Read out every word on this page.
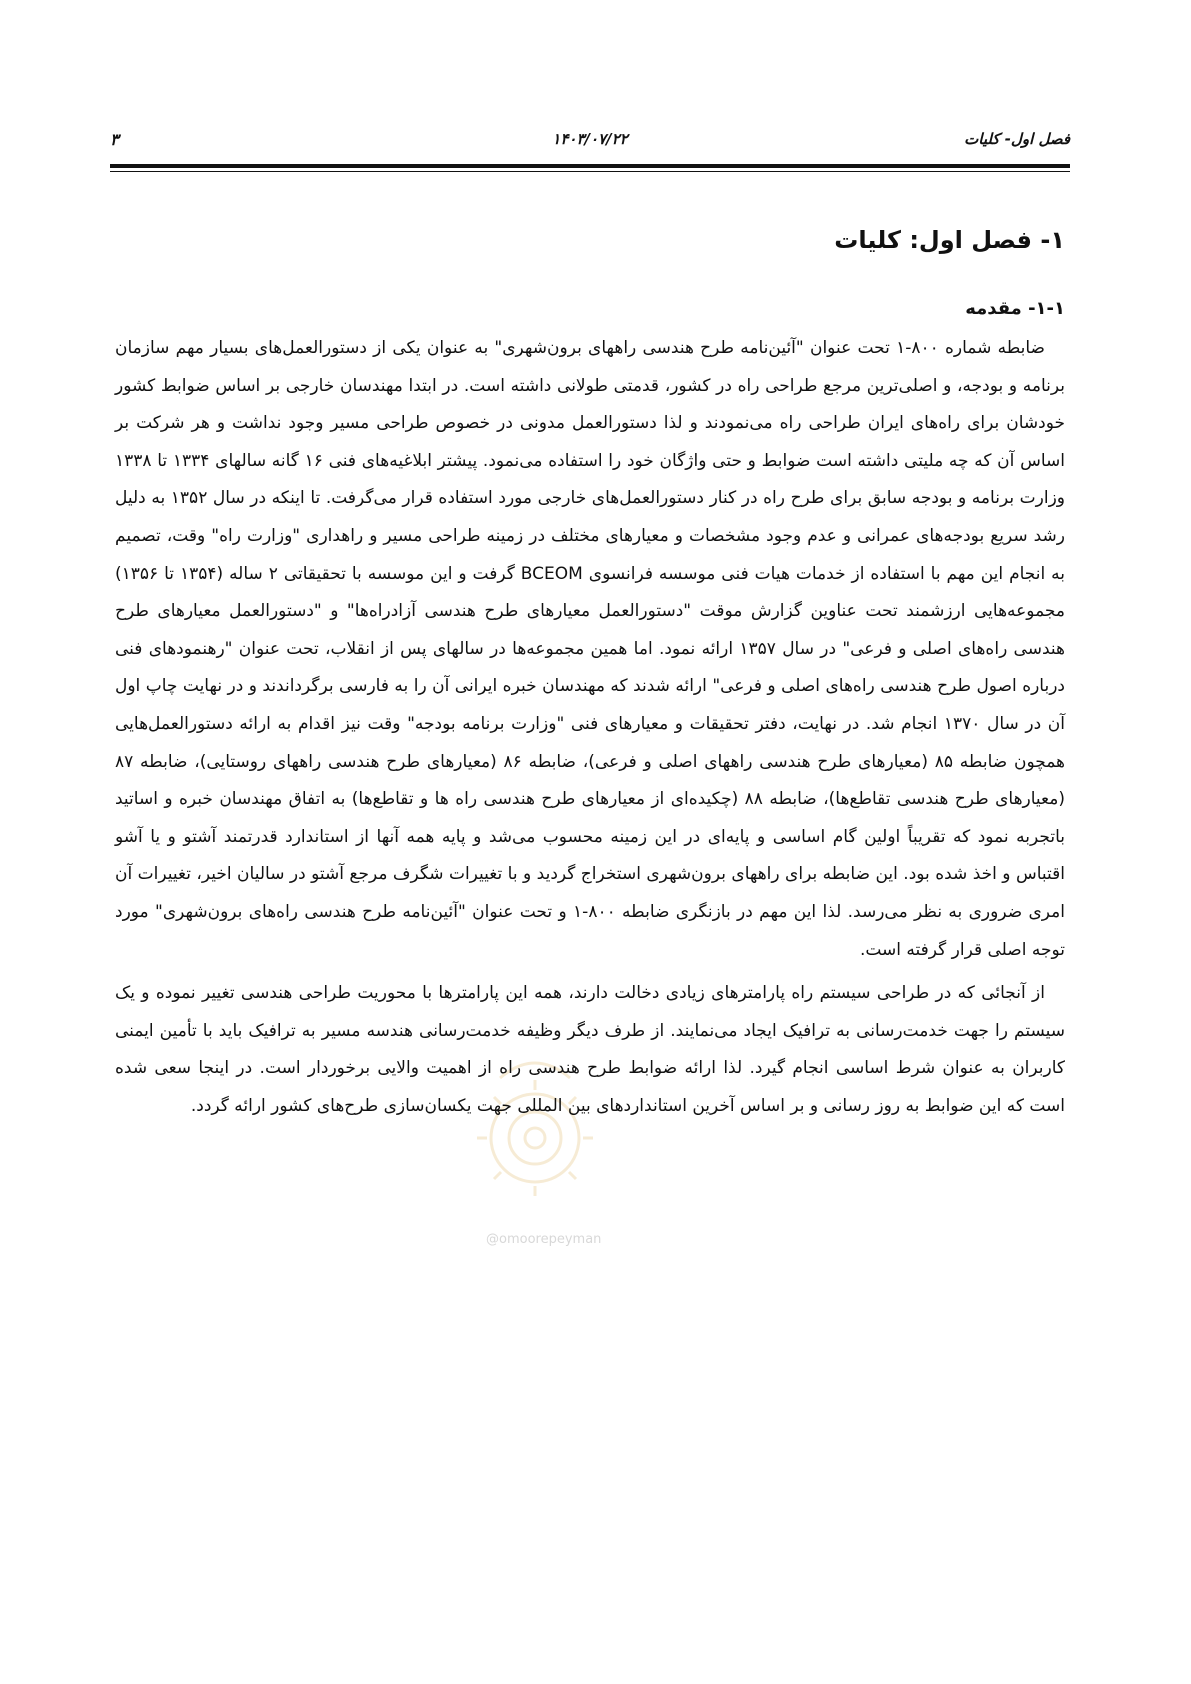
فصل اول- کلیات
۱۴۰۳/۰۷/۲۲
۳
@omoorepeyman
۱- فصل اول: کلیات
۱-۱- مقدمه

ضابطه شماره ۸۰۰-۱ تحت عنوان "آئین‌نامه طرح هندسی راههای برون‌شهری" به عنوان یکی از دستورالعمل‌های بسیار مهم سازمان برنامه و بودجه، و اصلی‌ترین مرجع طراحی راه در کشور، قدمتی طولانی داشته است. در ابتدا مهندسان خارجی بر اساس ضوابط کشور خودشان برای راه‌های ایران طراحی راه می‌نمودند و لذا دستورالعمل مدونی در خصوص طراحی مسیر وجود نداشت و هر شرکت بر اساس آن که چه ملیتی داشته است ضوابط و حتی واژگان خود را استفاده می‌نمود. پیشتر ابلاغیه‌های فنی ۱۶ گانه سالهای ۱۳۳۴ تا ۱۳۳۸ وزارت برنامه و بودجه سابق برای طرح راه در کنار دستورالعمل‌های خارجی مورد استفاده قرار می‌گرفت. تا اینکه در سال ۱۳۵۲ به دلیل رشد سریع بودجه‌های عمرانی و عدم وجود مشخصات و معیارهای مختلف در زمینه طراحی مسیر و راهداری "وزارت راه" وقت، تصمیم به انجام این مهم با استفاده از خدمات هیات فنی موسسه فرانسوی BCEOM گرفت و این موسسه با تحقیقاتی ۲ ساله (۱۳۵۴ تا ۱۳۵۶) مجموعه‌هایی ارزشمند تحت عناوین گزارش موقت "دستورالعمل معیارهای طرح هندسی آزادراه‌ها" و "دستورالعمل معیارهای طرح هندسی راه‌های اصلی و فرعی" در سال ۱۳۵۷ ارائه نمود. اما همین مجموعه‌ها در سالهای پس از انقلاب، تحت عنوان "رهنمودهای فنی درباره اصول طرح هندسی راه‌های اصلی و فرعی" ارائه شدند که مهندسان خبره ایرانی آن را به فارسی برگرداندند و در نهایت چاپ اول آن در سال ۱۳۷۰ انجام شد. در نهایت، دفتر تحقیقات و معیارهای فنی "وزارت برنامه بودجه" وقت نیز اقدام به ارائه دستورالعمل‌هایی همچون ضابطه ۸۵ (معیارهای طرح هندسی راههای اصلی و فرعی)، ضابطه ۸۶ (معیارهای طرح هندسی راههای روستایی)، ضابطه ۸۷ (معیارهای طرح هندسی تقاطع‌ها)، ضابطه ۸۸ (چکیده‌ای از معیارهای طرح هندسی راه ها و تقاطع‌ها) به اتفاق مهندسان خبره و اساتید باتجربه نمود که تقریباً اولین گام اساسی و پایه‌ای در این زمینه محسوب می‌شد و پایه همه آنها از استاندارد قدرتمند آشتو و یا آشو اقتباس و اخذ شده بود. این ضابطه برای راههای برون‌شهری استخراج گردید و با تغییرات شگرف مرجع آشتو در سالیان اخیر، تغییرات آن امری ضروری به نظر می‌رسد. لذا این مهم در بازنگری ضابطه ۸۰۰-۱ و تحت عنوان "آئین‌نامه طرح هندسی راه‌های برون‌شهری" مورد توجه اصلی قرار گرفته است.

از آنجائی که در طراحی سیستم راه پارامترهای زیادی دخالت دارند، همه این پارامترها با محوریت طراحی هندسی تغییر نموده و یک سیستم را جهت خدمت‌رسانی به ترافیک ایجاد می‌نمایند. از طرف دیگر وظیفه خدمت‌رسانی هندسه مسیر به ترافیک باید با تأمین ایمنی کاربران به عنوان شرط اساسی انجام گیرد. لذا ارائه ضوابط طرح هندسی راه از اهمیت والایی برخوردار است. در اینجا سعی شده است که این ضوابط به روز رسانی و بر اساس آخرین استانداردهای بین المللی جهت یکسان‌سازی طرح‌های کشور ارائه گردد.
